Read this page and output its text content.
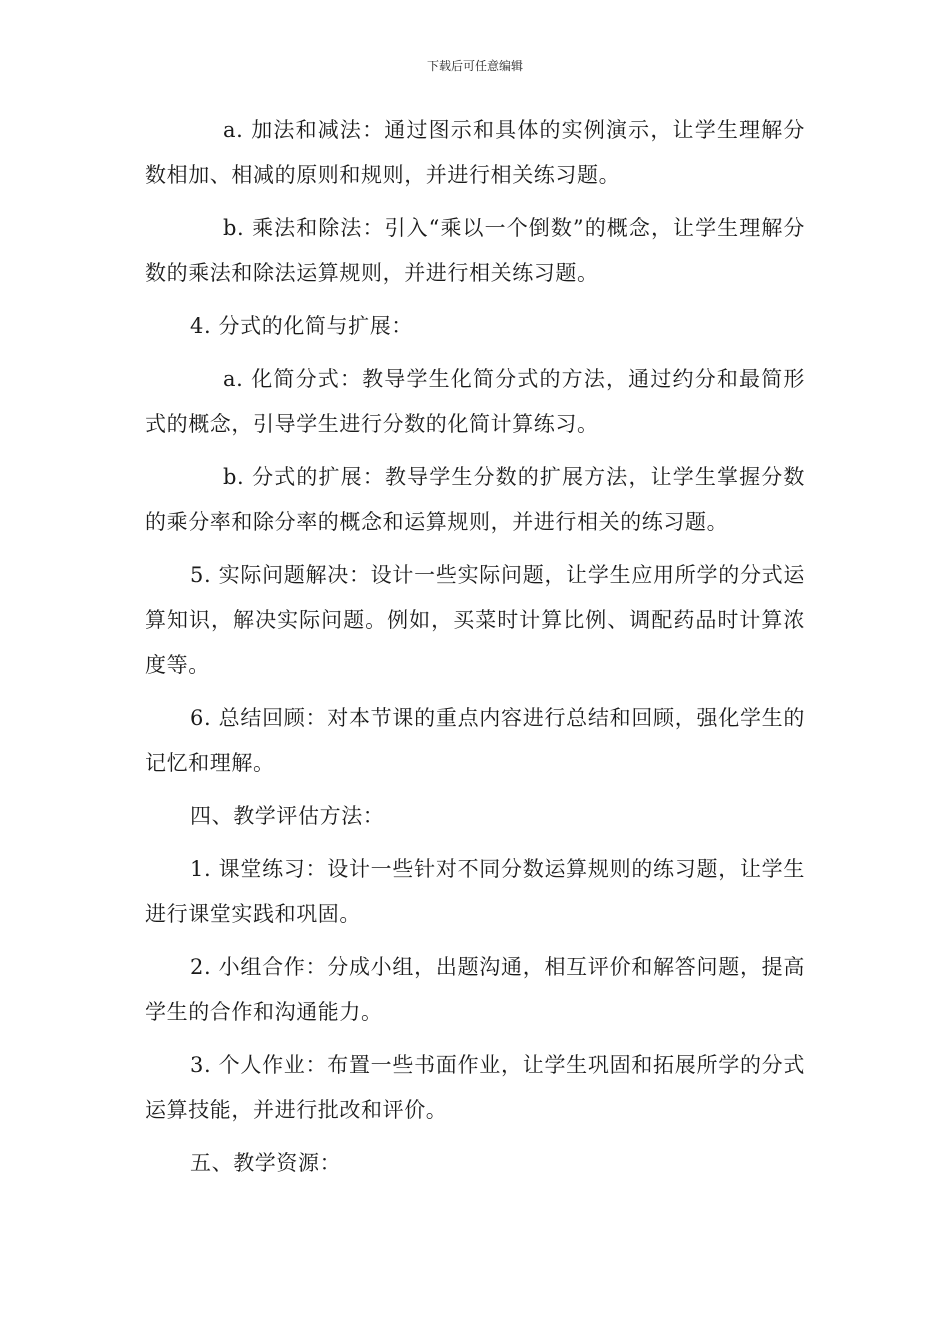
下载后可任意编辑

a. 加法和减法：通过图示和具体的实例演示，让学生理解分数相加、相减的原则和规则，并进行相关练习题。

b. 乘法和除法：引入“乘以一个倒数”的概念，让学生理解分数的乘法和除法运算规则，并进行相关练习题。

4. 分式的化简与扩展：

a. 化简分式：教导学生化简分式的方法，通过约分和最简形式的概念，引导学生进行分数的化简计算练习。

b. 分式的扩展：教导学生分数的扩展方法，让学生掌握分数的乘分率和除分率的概念和运算规则，并进行相关的练习题。

5. 实际问题解决：设计一些实际问题，让学生应用所学的分式运算知识，解决实际问题。例如，买菜时计算比例、调配药品时计算浓度等。

6. 总结回顾：对本节课的重点内容进行总结和回顾，强化学生的记忆和理解。

四、教学评估方法：

1. 课堂练习：设计一些针对不同分数运算规则的练习题，让学生进行课堂实践和巩固。

2. 小组合作：分成小组，出题沟通，相互评价和解答问题，提高学生的合作和沟通能力。

3. 个人作业：布置一些书面作业，让学生巩固和拓展所学的分式运算技能，并进行批改和评价。

五、教学资源：
